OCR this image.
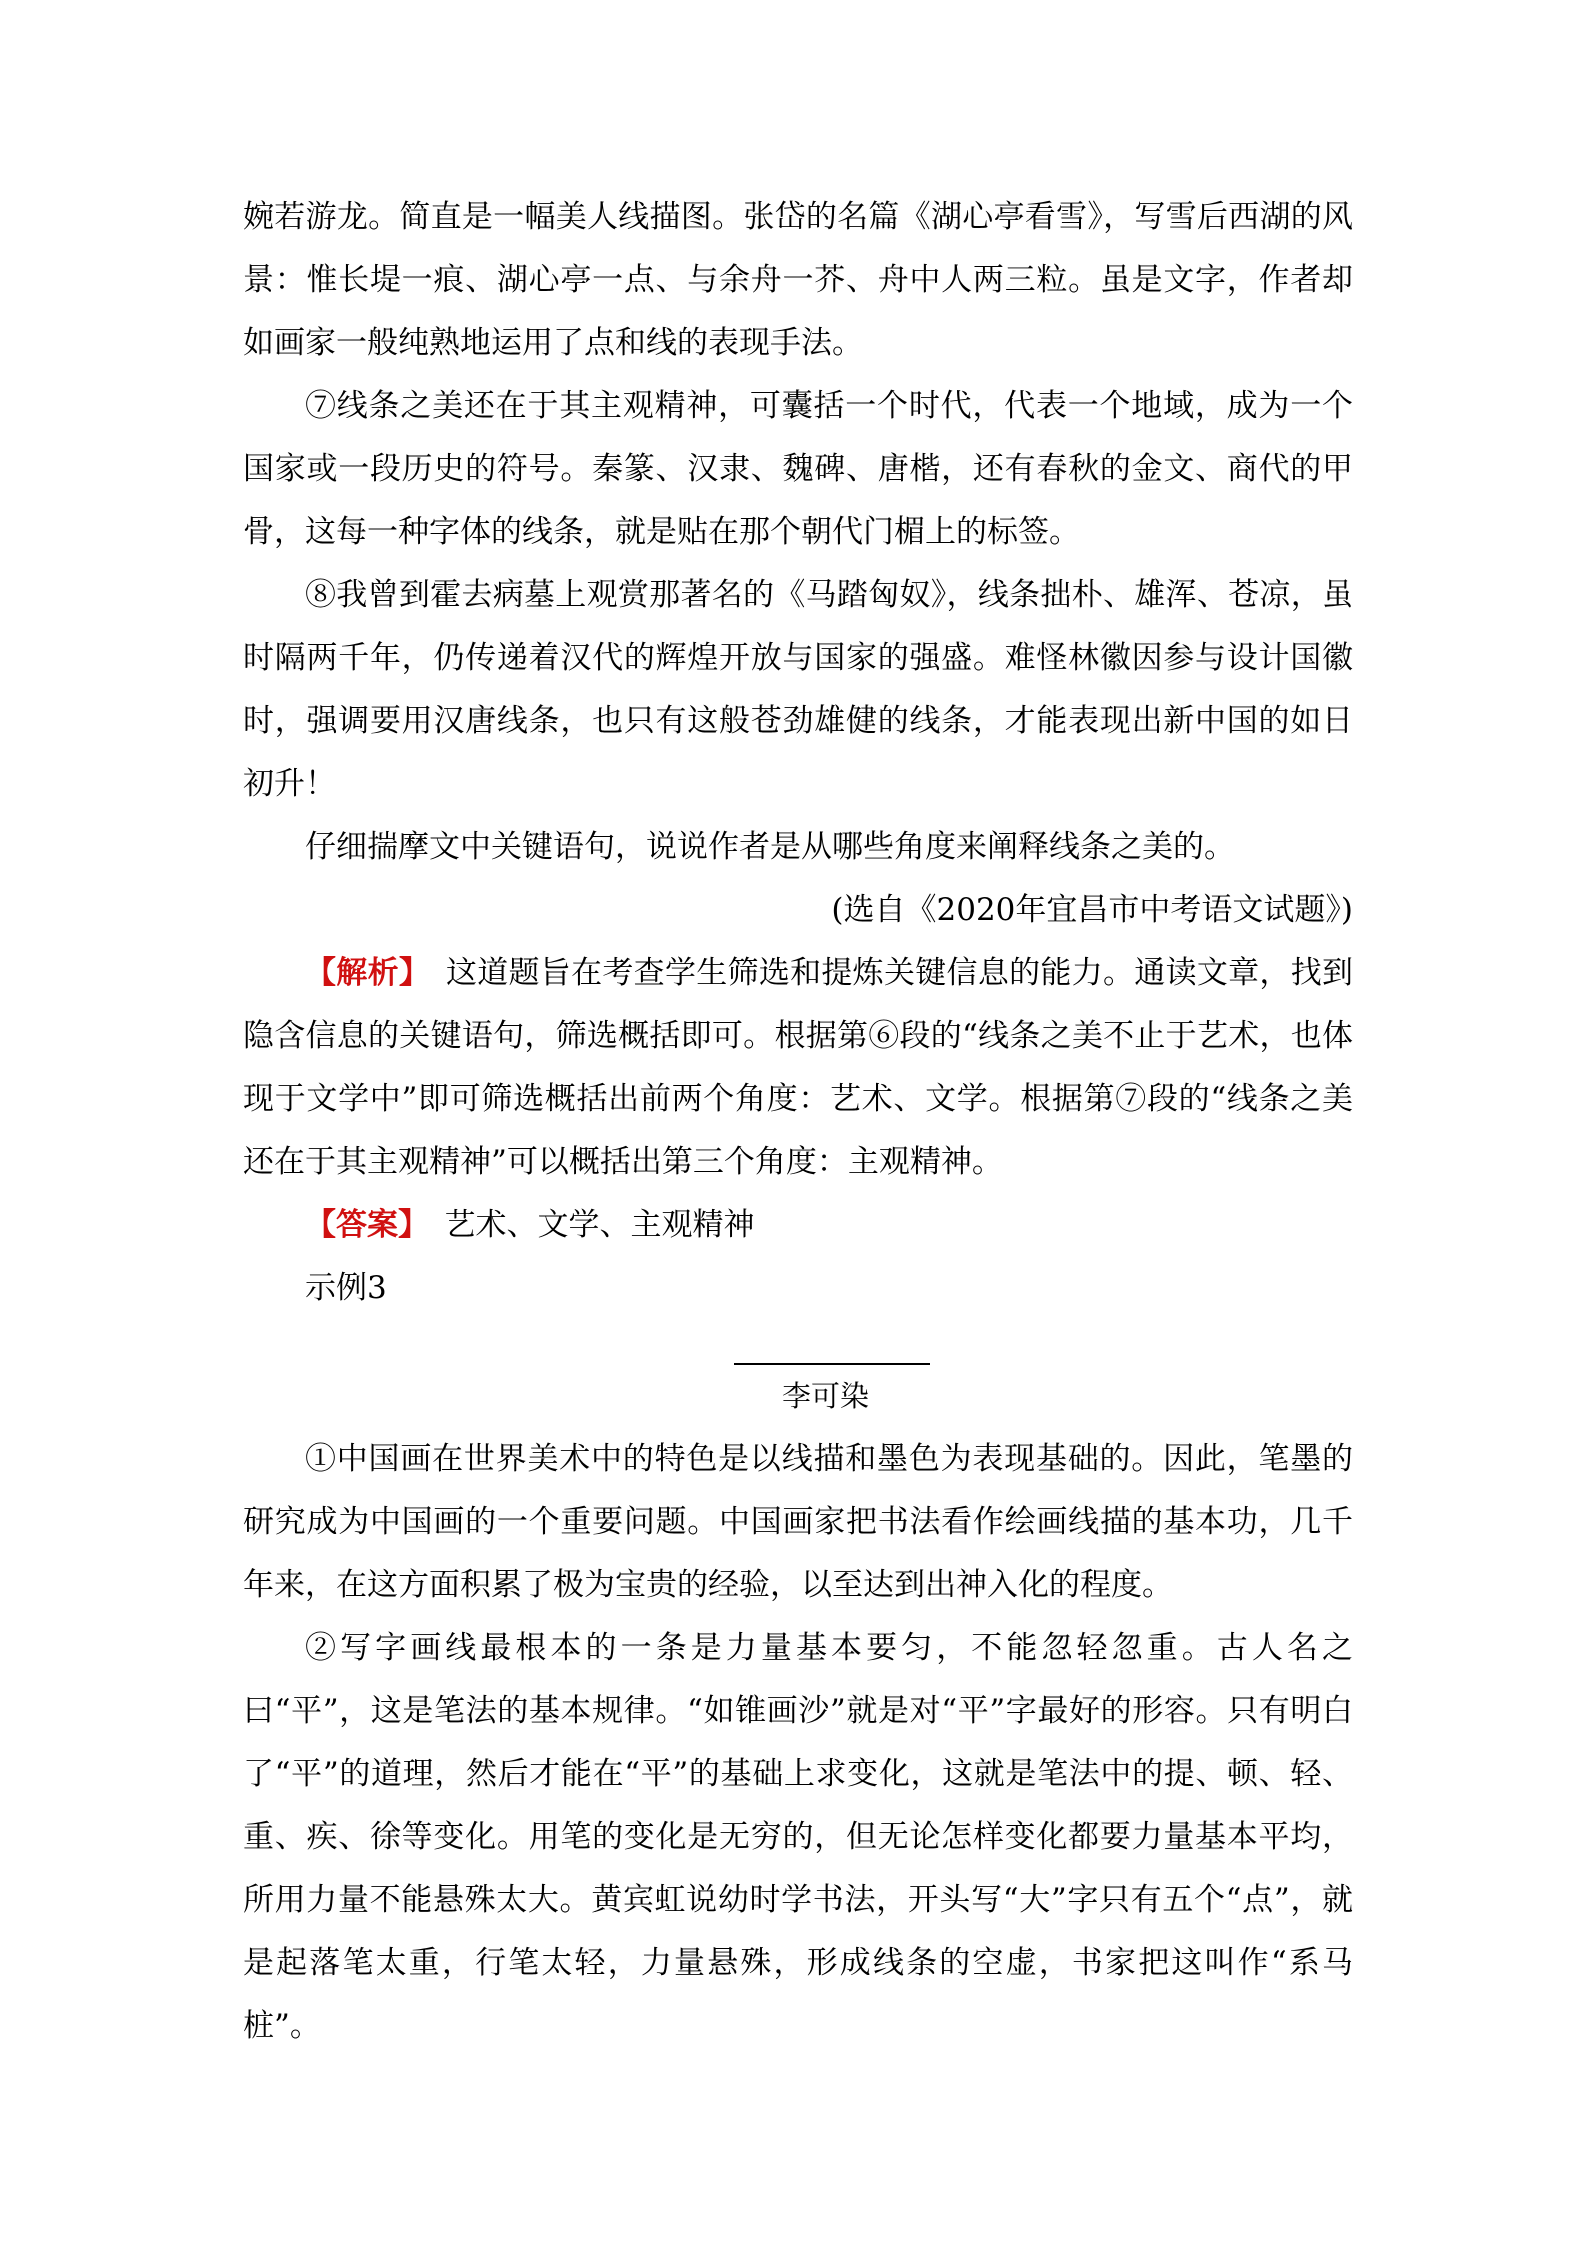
婉若游龙。简直是一幅美人线描图。张岱的名篇《湖心亭看雪》，写雪后西湖的风景：惟长堤一痕、湖心亭一点、与余舟一芥、舟中人两三粒。虽是文字，作者却如画家一般纯熟地运用了点和线的表现手法。

⑦线条之美还在于其主观精神，可囊括一个时代，代表一个地域，成为一个国家或一段历史的符号。秦篆、汉隶、魏碑、唐楷，还有春秋的金文、商代的甲骨，这每一种字体的线条，就是贴在那个朝代门楣上的标签。

⑧我曾到霍去病墓上观赏那著名的《马踏匈奴》，线条拙朴、雄浑、苍凉，虽时隔两千年，仍传递着汉代的辉煌开放与国家的强盛。难怪林徽因参与设计国徽时，强调要用汉唐线条，也只有这般苍劲雄健的线条，才能表现出新中国的如日初升！

仔细揣摩文中关键语句，说说作者是从哪些角度来阐释线条之美的。

(选自《2020年宜昌市中考语文试题》)

【解析】　这道题旨在考查学生筛选和提炼关键信息的能力。通读文章，找到隐含信息的关键语句，筛选概括即可。根据第⑥段的“线条之美不止于艺术，也体现于文学中”即可筛选概括出前两个角度：艺术、文学。根据第⑦段的“线条之美还在于其主观精神”可以概括出第三个角度：主观精神。

【答案】　艺术、文学、主观精神

示例3

李可染

①中国画在世界美术中的特色是以线描和墨色为表现基础的。因此，笔墨的研究成为中国画的一个重要问题。中国画家把书法看作绘画线描的基本功，几千年来，在这方面积累了极为宝贵的经验，以至达到出神入化的程度。

②写字画线最根本的一条是力量基本要匀，不能忽轻忽重。古人名之曰“平”，这是笔法的基本规律。“如锥画沙”就是对“平”字最好的形容。只有明白了“平”的道理，然后才能在“平”的基础上求变化，这就是笔法中的提、顿、轻、重、疾、徐等变化。用笔的变化是无穷的，但无论怎样变化都要力量基本平均，所用力量不能悬殊太大。黄宾虹说幼时学书法，开头写“大”字只有五个“点”，就是起落笔太重，行笔太轻，力量悬殊，形成线条的空虚，书家把这叫作“系马桩”。
